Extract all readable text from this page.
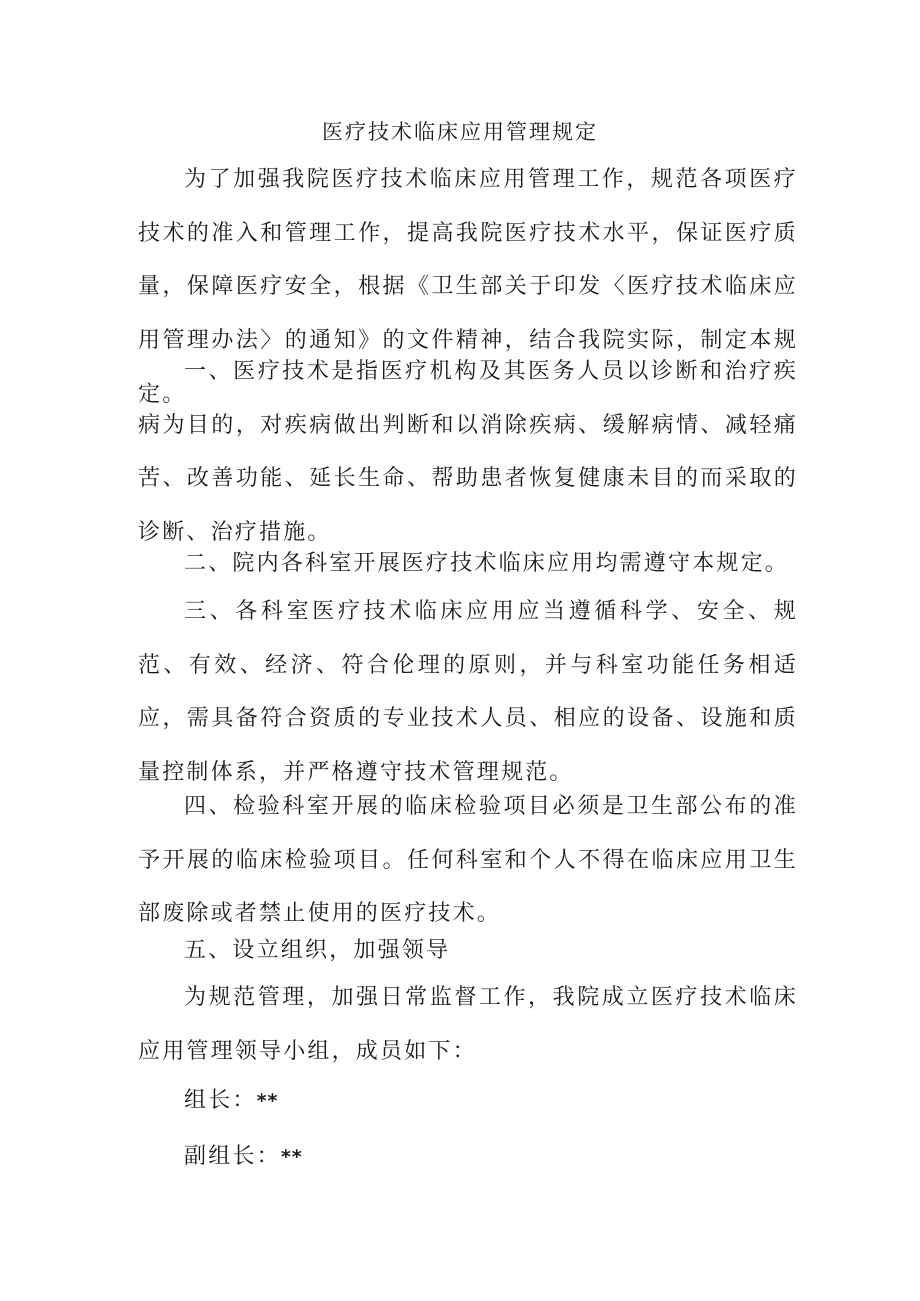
医疗技术临床应用管理规定
为了加强我院医疗技术临床应用管理工作，规范各项医疗技术的准入和管理工作，提高我院医疗技术水平，保证医疗质量，保障医疗安全，根据《卫生部关于印发〈医疗技术临床应用管理办法〉的通知》的文件精神，结合我院实际，制定本规定。
一、医疗技术是指医疗机构及其医务人员以诊断和治疗疾病为目的，对疾病做出判断和以消除疾病、缓解病情、减轻痛苦、改善功能、延长生命、帮助患者恢复健康未目的而采取的诊断、治疗措施。
二、院内各科室开展医疗技术临床应用均需遵守本规定。
三、各科室医疗技术临床应用应当遵循科学、安全、规范、有效、经济、符合伦理的原则，并与科室功能任务相适应，需具备符合资质的专业技术人员、相应的设备、设施和质量控制体系，并严格遵守技术管理规范。
四、检验科室开展的临床检验项目必须是卫生部公布的准予开展的临床检验项目。任何科室和个人不得在临床应用卫生部废除或者禁止使用的医疗技术。
五、设立组织，加强领导
为规范管理，加强日常监督工作，我院成立医疗技术临床应用管理领导小组，成员如下：
组长：**
副组长：**
